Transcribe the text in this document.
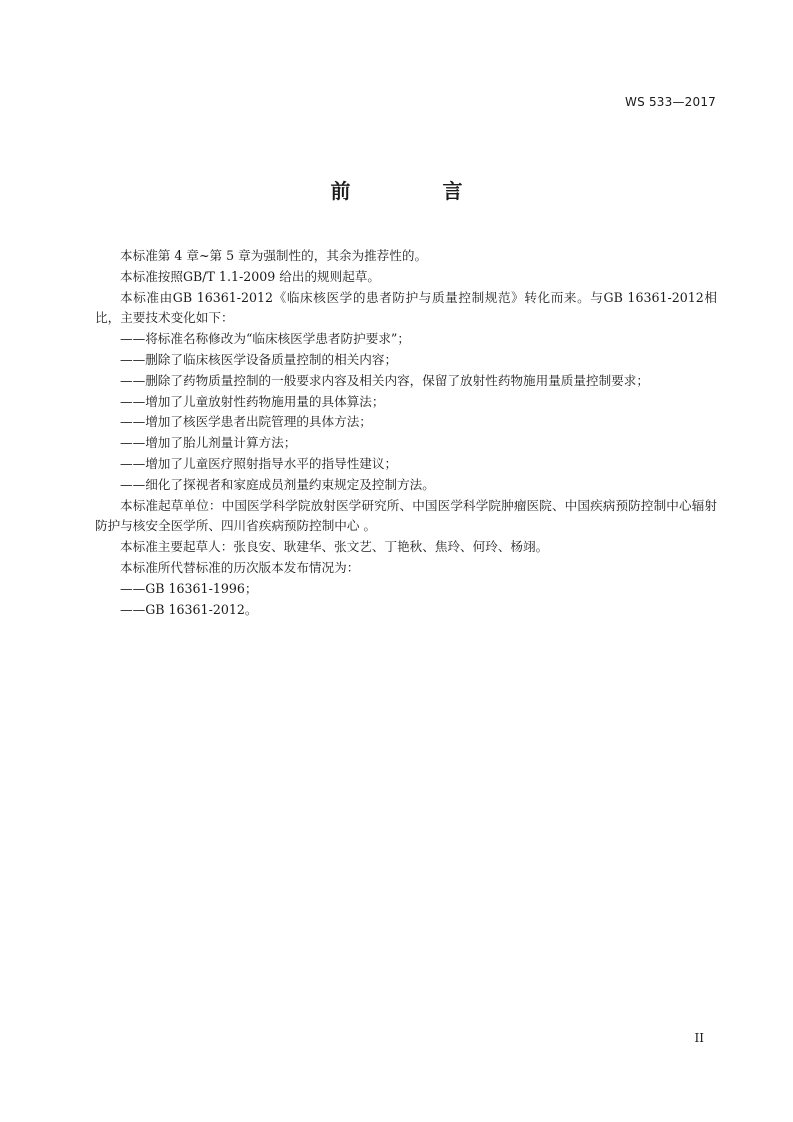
WS 533—2017
前　言

本标准第 4 章~第 5 章为强制性的，其余为推荐性的。

本标准按照GB/T 1.1-2009 给出的规则起草。

本标准由GB 16361-2012《临床核医学的患者防护与质量控制规范》转化而来。与GB 16361-2012相比，主要技术变化如下：

——将标准名称修改为“临床核医学患者防护要求”；

——删除了临床核医学设备质量控制的相关内容；

——删除了药物质量控制的一般要求内容及相关内容，保留了放射性药物施用量质量控制要求；

——增加了儿童放射性药物施用量的具体算法；

——增加了核医学患者出院管理的具体方法；

——增加了胎儿剂量计算方法；

——增加了儿童医疗照射指导水平的指导性建议；

——细化了探视者和家庭成员剂量约束规定及控制方法。

本标准起草单位：中国医学科学院放射医学研究所、中国医学科学院肿瘤医院、中国疾病预防控制中心辐射防护与核安全医学所、四川省疾病预防控制中心 。

本标准主要起草人：张良安、耿建华、张文艺、丁艳秋、焦玲、何玲、杨翊。

本标准所代替标准的历次版本发布情况为：

——GB 16361-1996；

——GB 16361-2012。

II
